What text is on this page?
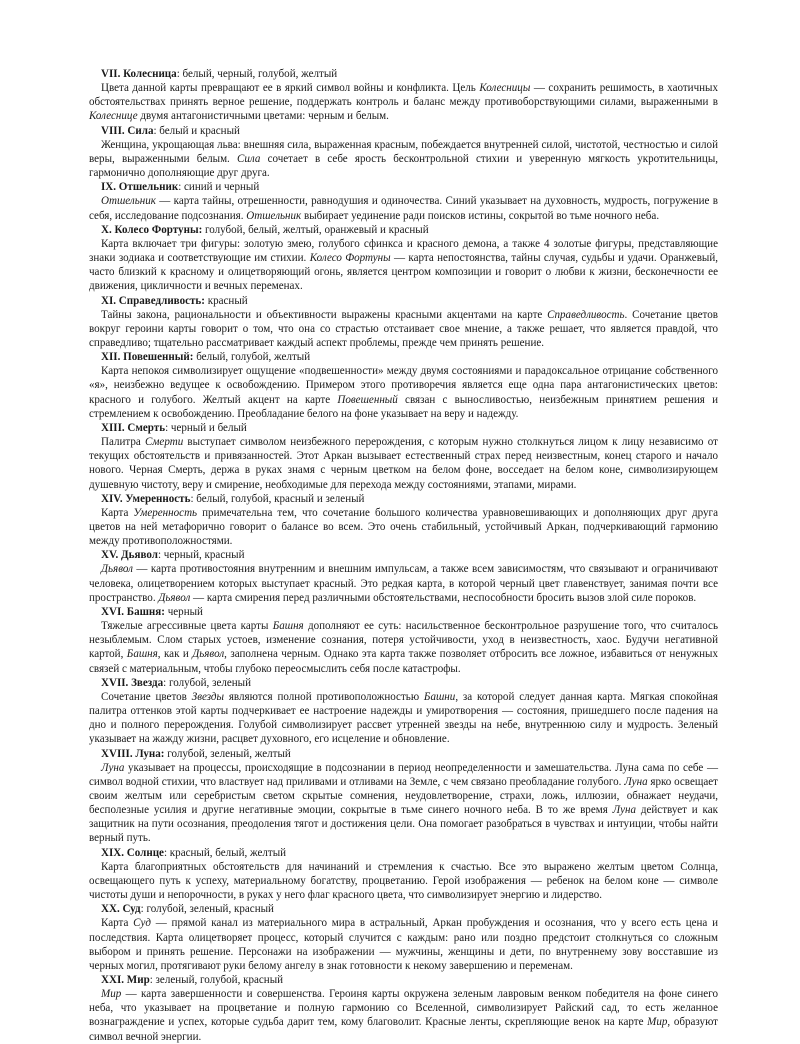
VII. Колесница: белый, черный, голубой, желтый

Цвета данной карты превращают ее в яркий символ войны и конфликта. Цель Колесницы — сохранить решимость, в хаотичных обстоятельствах принять верное решение, поддержать контроль и баланс между противоборствующими силами, выраженными в Колеснице двумя антагонистичными цветами: черным и белым.

VIII. Сила: белый и красный

Женщина, укрощающая льва: внешняя сила, выраженная красным, побеждается внутренней силой, чистотой, честностью и силой веры, выраженными белым. Сила сочетает в себе ярость бесконтрольной стихии и уверенную мягкость укротительницы, гармонично дополняющие друг друга.

IX. Отшельник: синий и черный

Отшельник — карта тайны, отрешенности, равнодушия и одиночества. Синий указывает на духовность, мудрость, погружение в себя, исследование подсознания. Отшельник выбирает уединение ради поисков истины, сокрытой во тьме ночного неба.

X. Колесо Фортуны: голубой, белый, желтый, оранжевый и красный

Карта включает три фигуры: золотую змею, голубого сфинкса и красного демона, а также 4 золотые фигуры, представляющие знаки зодиака и соответствующие им стихии. Колесо Фортуны — карта непостоянства, тайны случая, судьбы и удачи. Оранжевый, часто близкий к красному и олицетворяющий огонь, является центром композиции и говорит о любви к жизни, бесконечности ее движения, цикличности и вечных переменах.

XI. Справедливость: красный

Тайны закона, рациональности и объективности выражены красными акцентами на карте Справедливость. Сочетание цветов вокруг героини карты говорит о том, что она со страстью отстаивает свое мнение, а также решает, что является правдой, что справедливо; тщательно рассматривает каждый аспект проблемы, прежде чем принять решение.

XII. Повешенный: белый, голубой, желтый

Карта непокоя символизирует ощущение «подвешенности» между двумя состояниями и парадоксальное отрицание собственного «я», неизбежно ведущее к освобождению. Примером этого противоречия является еще одна пара антагонистических цветов: красного и голубого. Желтый акцент на карте Повешенный связан с выносливостью, неизбежным принятием решения и стремлением к освобождению. Преобладание белого на фоне указывает на веру и надежду.

XIII. Смерть: черный и белый

Палитра Смерти выступает символом неизбежного перерождения, с которым нужно столкнуться лицом к лицу независимо от текущих обстоятельств и привязанностей. Этот Аркан вызывает естественный страх перед неизвестным, конец старого и начало нового. Черная Смерть, держа в руках знамя с черным цветком на белом фоне, восседает на белом коне, символизирующем душевную чистоту, веру и смирение, необходимые для перехода между состояниями, этапами, мирами.

XIV. Умеренность: белый, голубой, красный и зеленый

Карта Умеренность примечательна тем, что сочетание большого количества уравновешивающих и дополняющих друг друга цветов на ней метафорично говорит о балансе во всем. Это очень стабильный, устойчивый Аркан, подчеркивающий гармонию между противоположностями.

XV. Дьявол: черный, красный

Дьявол — карта противостояния внутренним и внешним импульсам, а также всем зависимостям, что связывают и ограничивают человека, олицетворением которых выступает красный. Это редкая карта, в которой черный цвет главенствует, занимая почти все пространство. Дьявол — карта смирения перед различными обстоятельствами, неспособности бросить вызов злой силе пороков.

XVI. Башня: черный

Тяжелые агрессивные цвета карты Башня дополняют ее суть: насильственное бесконтрольное разрушение того, что считалось незыблемым. Слом старых устоев, изменение сознания, потеря устойчивости, уход в неизвестность, хаос. Будучи негативной картой, Башня, как и Дьявол, заполнена черным. Однако эта карта также позволяет отбросить все ложное, избавиться от ненужных связей с материальным, чтобы глубоко переосмыслить себя после катастрофы.

XVII. Звезда: голубой, зеленый

Сочетание цветов Звезды являются полной противоположностью Башни, за которой следует данная карта. Мягкая спокойная палитра оттенков этой карты подчеркивает ее настроение надежды и умиротворения — состояния, пришедшего после падения на дно и полного перерождения. Голубой символизирует рассвет утренней звезды на небе, внутреннюю силу и мудрость. Зеленый указывает на жажду жизни, расцвет духовного, его исцеление и обновление.

XVIII. Луна: голубой, зеленый, желтый

Луна указывает на процессы, происходящие в подсознании в период неопределенности и замешательства. Луна сама по себе — символ водной стихии, что властвует над приливами и отливами на Земле, с чем связано преобладание голубого. Луна ярко освещает своим желтым или серебристым светом скрытые сомнения, неудовлетворение, страхи, ложь, иллюзии, обнажает неудачи, бесполезные усилия и другие негативные эмоции, сокрытые в тьме синего ночного неба. В то же время Луна действует и как защитник на пути осознания, преодоления тягот и достижения цели. Она помогает разобраться в чувствах и интуиции, чтобы найти верный путь.

XIX. Солнце: красный, белый, желтый

Карта благоприятных обстоятельств для начинаний и стремления к счастью. Все это выражено желтым цветом Солнца, освещающего путь к успеху, материальному богатству, процветанию. Герой изображения — ребенок на белом коне — символе чистоты души и непорочности, в руках у него флаг красного цвета, что символизирует энергию и лидерство.

XX. Суд: голубой, зеленый, красный

Карта Суд — прямой канал из материального мира в астральный, Аркан пробуждения и осознания, что у всего есть цена и последствия. Карта олицетворяет процесс, который случится с каждым: рано или поздно предстоит столкнуться со сложным выбором и принять решение. Персонажи на изображении — мужчины, женщины и дети, по внутреннему зову восставшие из черных могил, протягивают руки белому ангелу в знак готовности к некому завершению и переменам.

XXI. Мир: зеленый, голубой, красный

Мир — карта завершенности и совершенства. Героиня карты окружена зеленым лавровым венком победителя на фоне синего неба, что указывает на процветание и полную гармонию со Вселенной, символизирует Райский сад, то есть желанное вознаграждение и успех, которые судьба дарит тем, кому благоволит. Красные ленты, скрепляющие венок на карте Мир, образуют символ вечной энергии.
